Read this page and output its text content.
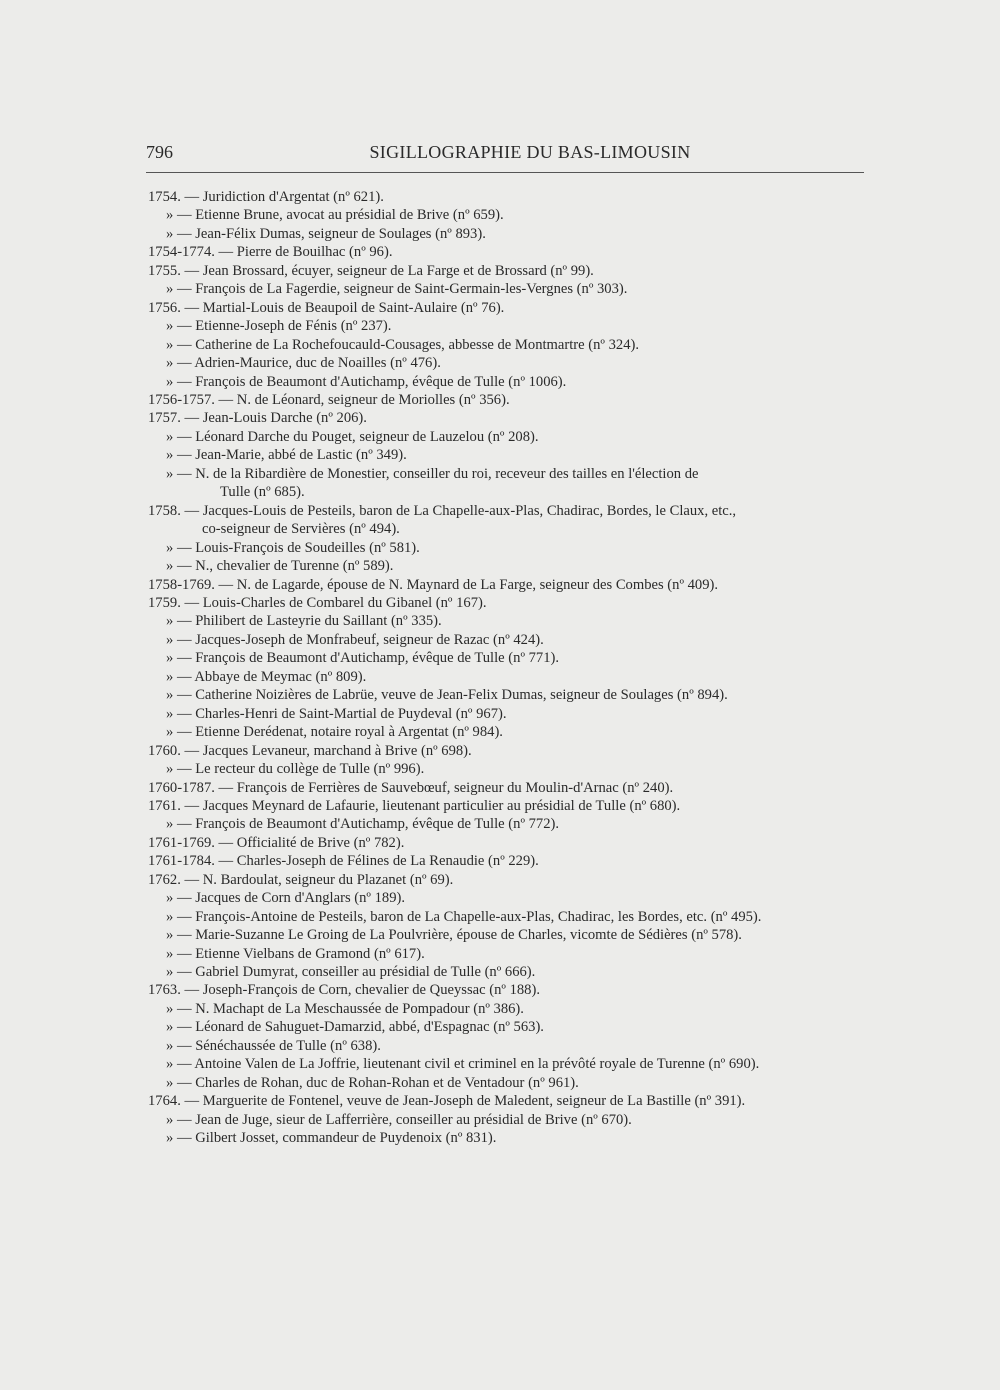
796	SIGILLOGRAPHIE DU BAS-LIMOUSIN
1754. — Juridiction d'Argentat (nº 621).
» — Etienne Brune, avocat au présidial de Brive (nº 659).
» — Jean-Félix Dumas, seigneur de Soulages (nº 893).
1754-1774. — Pierre de Bouilhac (nº 96).
1755. — Jean Brossard, écuyer, seigneur de La Farge et de Brossard (nº 99).
» — François de La Fagerdie, seigneur de Saint-Germain-les-Vergnes (nº 303).
1756. — Martial-Louis de Beaupoil de Saint-Aulaire (nº 76).
» — Etienne-Joseph de Fénis (nº 237).
» — Catherine de La Rochefoucauld-Cousages, abbesse de Montmartre (nº 324).
» — Adrien-Maurice, duc de Noailles (nº 476).
» — François de Beaumont d'Autichamp, évêque de Tulle (nº 1006).
1756-1757. — N. de Léonard, seigneur de Moriolles (nº 356).
1757. — Jean-Louis Darche (nº 206).
» — Léonard Darche du Pouget, seigneur de Lauzelou (nº 208).
» — Jean-Marie, abbé de Lastic (nº 349).
» — N. de la Ribardière de Monestier, conseiller du roi, receveur des tailles en l'élection de
Tulle (nº 685).
1758. — Jacques-Louis de Pesteils, baron de La Chapelle-aux-Plas, Chadirac, Bordes, le Claux, etc.,
co-seigneur de Servières (nº 494).
» — Louis-François de Soudeilles (nº 581).
» — N., chevalier de Turenne (nº 589).
1758-1769. — N. de Lagarde, épouse de N. Maynard de La Farge, seigneur des Combes (nº 409).
1759. — Louis-Charles de Combarel du Gibanel (nº 167).
» — Philibert de Lasteyrie du Saillant (nº 335).
» — Jacques-Joseph de Monfrabeuf, seigneur de Razac (nº 424).
» — François de Beaumont d'Autichamp, évêque de Tulle (nº 771).
» — Abbaye de Meymac (nº 809).
» — Catherine Noizières de Labrüe, veuve de Jean-Felix Dumas, seigneur de Soulages (nº 894).
» — Charles-Henri de Saint-Martial de Puydeval (nº 967).
» — Etienne Derédenat, notaire royal à Argentat (nº 984).
1760. — Jacques Levaneur, marchand à Brive (nº 698).
» — Le recteur du collège de Tulle (nº 996).
1760-1787. — François de Ferrières de Sauvebœuf, seigneur du Moulin-d'Arnac (nº 240).
1761. — Jacques Meynard de Lafaurie, lieutenant particulier au présidial de Tulle (nº 680).
» — François de Beaumont d'Autichamp, évêque de Tulle (nº 772).
1761-1769. — Officialité de Brive (nº 782).
1761-1784. — Charles-Joseph de Félines de La Renaudie (nº 229).
1762. — N. Bardoulat, seigneur du Plazanet (nº 69).
» — Jacques de Corn d'Anglars (nº 189).
» — François-Antoine de Pesteils, baron de La Chapelle-aux-Plas, Chadirac, les Bordes, etc. (nº 495).
» — Marie-Suzanne Le Groing de La Poulvrière, épouse de Charles, vicomte de Sédières (nº 578).
» — Etienne Vielbans de Gramond (nº 617).
» — Gabriel Dumyrat, conseiller au présidial de Tulle (nº 666).
1763. — Joseph-François de Corn, chevalier de Queyssac (nº 188).
» — N. Machapt de La Meschaussée de Pompadour (nº 386).
» — Léonard de Sahuguet-Damarzid, abbé, d'Espagnac (nº 563).
» — Sénéchaussée de Tulle (nº 638).
» — Antoine Valen de La Joffrie, lieutenant civil et criminel en la prévôté royale de Turenne (nº 690).
» — Charles de Rohan, duc de Rohan-Rohan et de Ventadour (nº 961).
1764. — Marguerite de Fontenel, veuve de Jean-Joseph de Maledent, seigneur de La Bastille (nº 391).
» — Jean de Juge, sieur de Lafferrière, conseiller au présidial de Brive (nº 670).
» — Gilbert Josset, commandeur de Puydenoix (nº 831).
